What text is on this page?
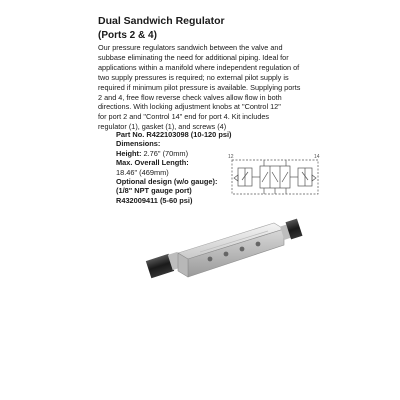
Dual Sandwich Regulator
(Ports 2 & 4)
Our pressure regulators sandwich between the valve and
subbase eliminating the need for additional piping. Ideal for
applications within a manifold where independent regulation of
two supply pressures is required; no external pilot supply is
required if minimum pilot pressure is available. Supplying ports
2 and 4, free flow reverse check valves allow flow in both
directions. With locking adjustment knobs at "Control 12"
for port 2 and "Control 14" end for port 4. Kit includes
regulator (1), gasket (1), and screws (4)
Part No. R422103098 (10-120 psi)
Dimensions:
Height: 2.76" (70mm)
Max. Overall Length:
18.46" (469mm)
Optional design (w/o gauge):
(1/8" NPT gauge port)
R432009411 (5-60 psi)
12	14
